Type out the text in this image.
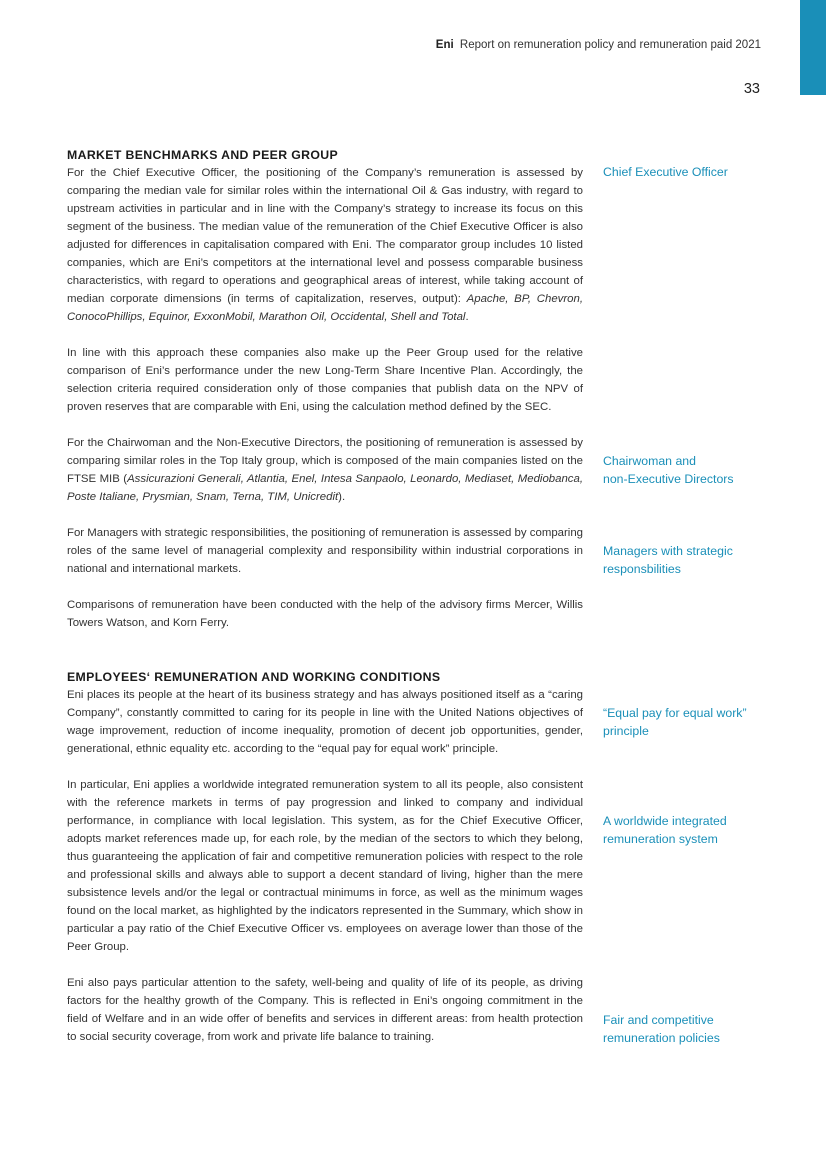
Eni Report on remuneration policy and remuneration paid 2021
33
MARKET BENCHMARKS AND PEER GROUP

For the Chief Executive Officer, the positioning of the Company’s remuneration is assessed by comparing the median vale for similar roles within the international Oil & Gas industry, with regard to upstream activities in particular and in line with the Company’s strategy to increase its focus on this segment of the business. The median value of the remuneration of the Chief Executive Officer is also adjusted for differences in capitalisation compared with Eni. The comparator group includes 10 listed companies, which are Eni’s competitors at the international level and possess comparable business characteristics, with regard to operations and geographical areas of interest, while taking account of median corporate dimensions (in terms of capitalization, reserves, output): Apache, BP, Chevron, ConocoPhillips, Equinor, ExxonMobil, Marathon Oil, Occidental, Shell and Total.

In line with this approach these companies also make up the Peer Group used for the relative comparison of Eni’s performance under the new Long-Term Share Incentive Plan. Accordingly, the selection criteria required consideration only of those companies that publish data on the NPV of proven reserves that are comparable with Eni, using the calculation method defined by the SEC.

For the Chairwoman and the Non-Executive Directors, the positioning of remuneration is assessed by comparing similar roles in the Top Italy group, which is composed of the main companies listed on the FTSE MIB (Assicurazioni Generali, Atlantia, Enel, Intesa Sanpaolo, Leonardo, Mediaset, Mediobanca, Poste Italiane, Prysmian, Snam, Terna, TIM, Unicredit).

For Managers with strategic responsibilities, the positioning of remuneration is assessed by comparing roles of the same level of managerial complexity and responsibility within industrial corporations in national and international markets.

Comparisons of remuneration have been conducted with the help of the advisory firms Mercer, Willis Towers Watson, and Korn Ferry.

EMPLOYEES‘ REMUNERATION AND WORKING CONDITIONS

Eni places its people at the heart of its business strategy and has always positioned itself as a “caring Company”, constantly committed to caring for its people in line with the United Nations objectives of wage improvement, reduction of income inequality, promotion of decent job opportunities, gender, generational, ethnic equality etc. according to the “equal pay for equal work” principle.

In particular, Eni applies a worldwide integrated remuneration system to all its people, also consistent with the reference markets in terms of pay progression and linked to company and individual performance, in compliance with local legislation. This system, as for the Chief Executive Officer, adopts market references made up, for each role, by the median of the sectors to which they belong, thus guaranteeing the application of fair and competitive remuneration policies with respect to the role and professional skills and always able to support a decent standard of living, higher than the mere subsistence levels and/or the legal or contractual minimums in force, as well as the minimum wages found on the local market, as highlighted by the indicators represented in the Summary, which show in particular a pay ratio of the Chief Executive Officer vs. employees on average lower than those of the Peer Group.

Eni also pays particular attention to the safety, well-being and quality of life of its people, as driving factors for the healthy growth of the Company. This is reflected in Eni’s ongoing commitment in the field of Welfare and in an wide offer of benefits and services in different areas: from health protection to social security coverage, from work and private life balance to training.

Chief Executive Officer
Chairwoman and
non-Executive Directors
Managers with strategic
responsbilities
“Equal pay for equal work”
principle
A worldwide integrated
remuneration system
Fair and competitive
remuneration policies
